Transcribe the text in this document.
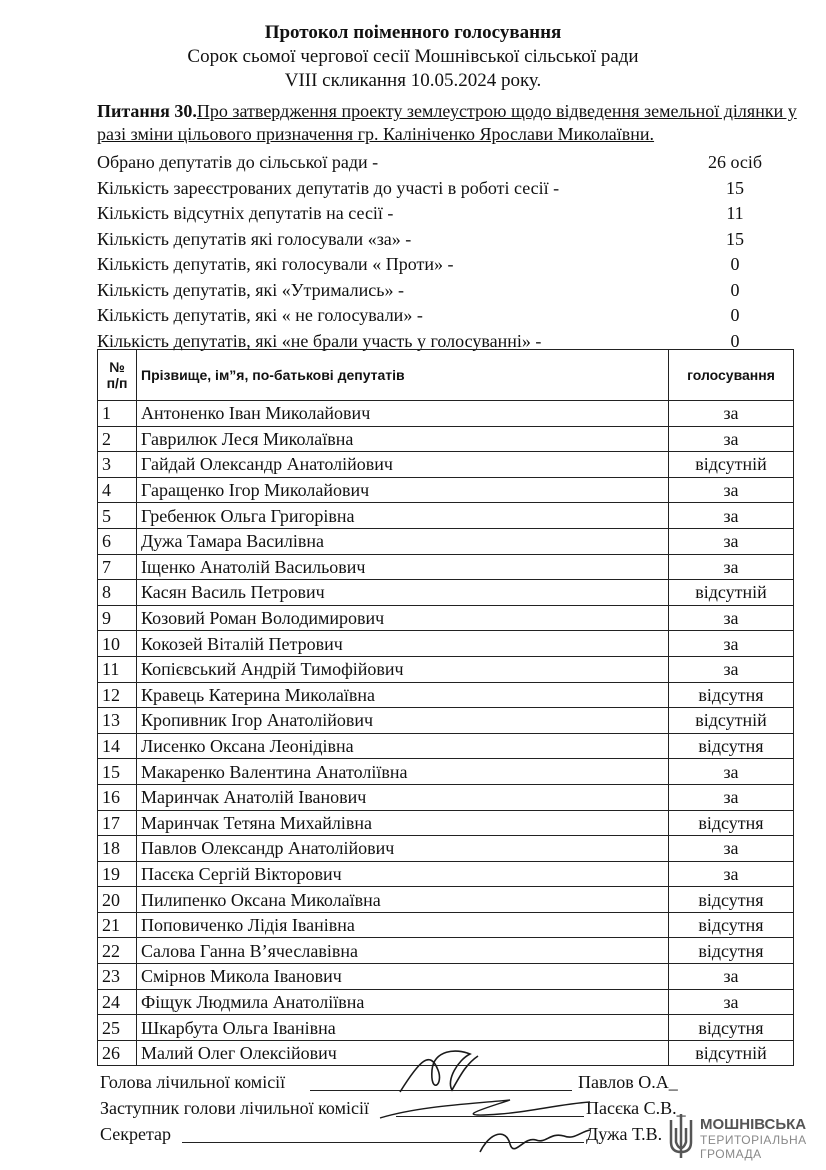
Протокол поіменного голосування
Сорок сьомої чергової сесії Мошнівської сільської ради
VIII скликання 10.05.2024 року.
Питання 30.Про затвердження проекту землеустрою щодо відведення земельної ділянки у разі зміни цільового призначення гр. Калініченко Ярослави Миколаївни.
Обрано депутатів до сільської ради -	26 осіб
Кількість зареєстрованих депутатів до участі в роботі сесії -	15
Кількість відсутніх депутатів на сесії -	11
Кількість депутатів які голосували «за» -	15
Кількість депутатів, які голосували « Проти» -	0
Кількість депутатів, які «Утримались» -	0
Кількість депутатів, які « не голосували» -	0
Кількість депутатів, які «не брали участь у голосуванні» -	0
№ п/п	Прізвище, ім”я, по-батькові депутатів	голосування
1	Антоненко Іван Миколайович	за
2	Гаврилюк Леся Миколаївна	за
3	Гайдай Олександр Анатолійович	відсутній
4	Гаращенко Ігор Миколайович	за
5	Гребенюк Ольга Григорівна	за
6	Дужа Тамара Василівна	за
7	Іщенко Анатолій Васильович	за
8	Касян Василь Петрович	відсутній
9	Козовий Роман Володимирович	за
10	Кокозей Віталій Петрович	за
11	Копієвський Андрій Тимофійович	за
12	Кравець Катерина Миколаївна	відсутня
13	Кропивник Ігор Анатолійович	відсутній
14	Лисенко Оксана Леонідівна	відсутня
15	Макаренко Валентина Анатоліївна	за
16	Маринчак Анатолій Іванович	за
17	Маринчак Тетяна Михайлівна	відсутня
18	Павлов Олександр Анатолійович	за
19	Пасєка Сергій Вікторович	за
20	Пилипенко Оксана Миколаївна	відсутня
21	Поповиченко Лідія Іванівна	відсутня
22	Салова Ганна В’ячеславівна	відсутня
23	Смірнов Микола Іванович	за
24	Фіщук Людмила Анатоліївна	за
25	Шкарбута Ольга Іванівна	відсутня
26	Малий Олег Олексійович	відсутній
Голова лічильної комісії	Павлов О.А_
Заступник голови лічильної комісії	Пасєка С.В._
Секретар	Дужа Т.В.	МОШНІВСЬКА
ТЕРИТОРІАЛЬНА
ГРОМАДА
